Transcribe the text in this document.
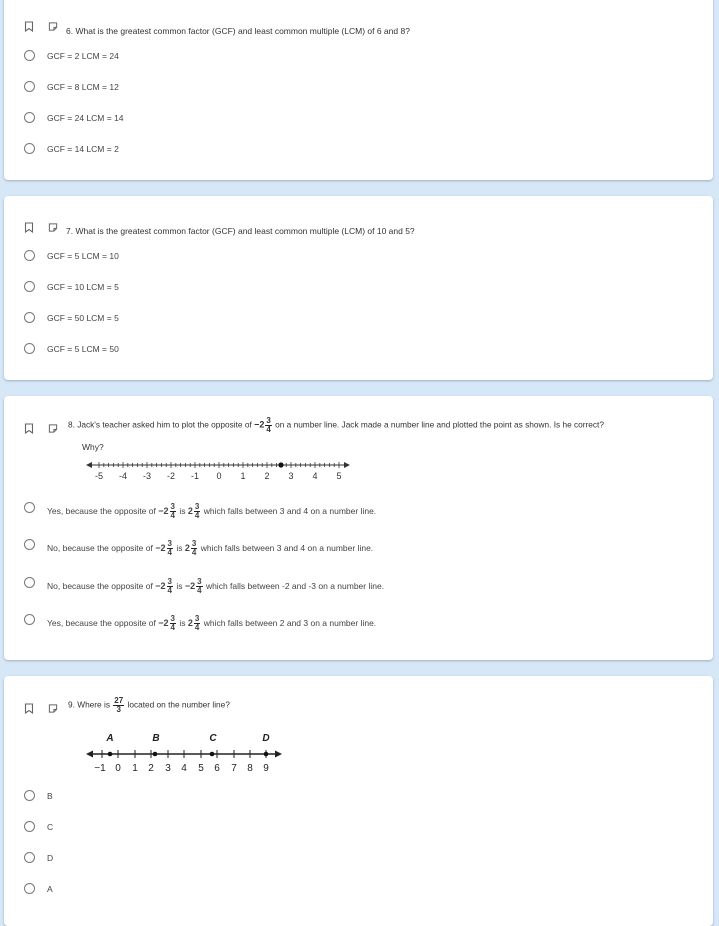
6. What is the greatest common factor (GCF) and least common multiple (LCM) of 6 and 8?
GCF = 2 LCM = 24
GCF = 8 LCM = 12
GCF = 24 LCM = 14
GCF = 14 LCM = 2
7. What is the greatest common factor (GCF) and least common multiple (LCM) of 10 and 5?
GCF = 5 LCM = 10
GCF = 10 LCM = 5
GCF = 50 LCM = 5
GCF = 5 LCM = 50
8. Jack's teacher asked him to plot the opposite of $-2 \frac{3}{4}$ on a number line. Jack made a number line and plotted the point as shown. Is he correct?
Why?
-5 -4 -3 -2 -1 0 1 2 3 4 5
Yes, because the opposite of $-2 \frac{3}{4}$ is $2 \frac{3}{4}$ which falls between 3 and 4 on a number line.
No, because the opposite of $-2 \frac{3}{4}$ is $2 \frac{3}{4}$ which falls between 3 and 4 on a number line.
No, because the opposite of $-2 \frac{3}{4}$ is $-2 \frac{3}{4}$ which falls between -2 and -3 on a number line.
Yes, because the opposite of $-2 \frac{3}{4}$ is $2 \frac{3}{4}$ which falls between 2 and 3 on a number line.
9. Where is $\frac{27}{3}$ located on the number line?
A	B	C	D
−1 0 1 2 3 4 5 6 7 8 9
B
C
D
A
